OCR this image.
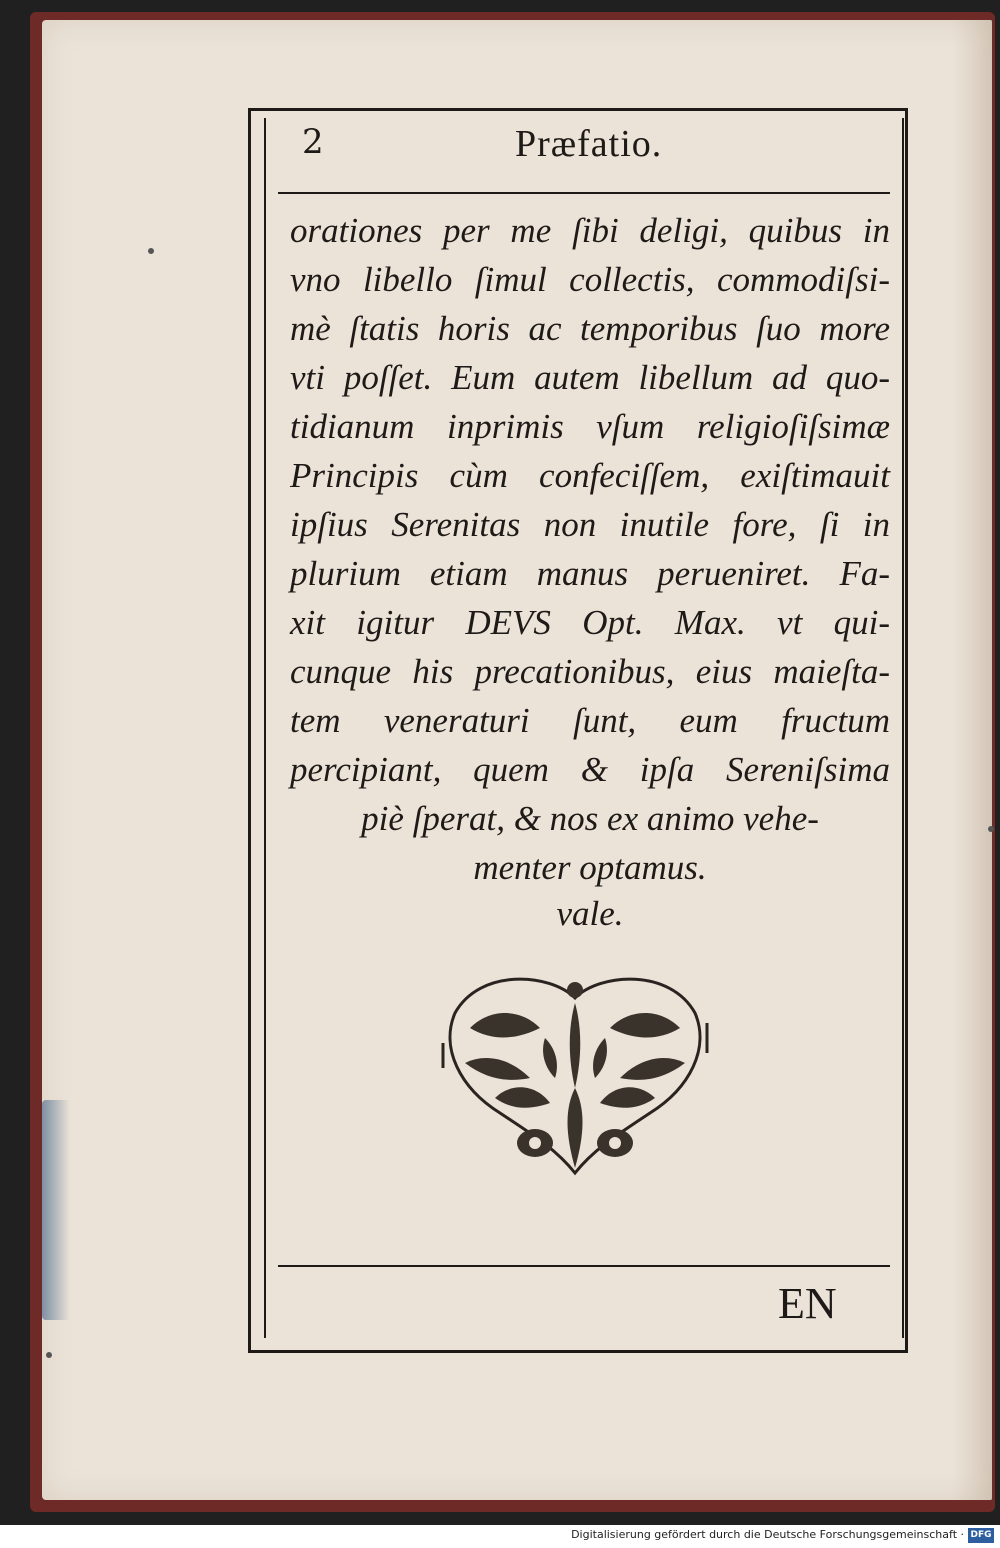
2	Præfatio.
orationes per me ſibi deligi, quibus in
vno libello ſimul collectis, commodiſsi-
mè ſtatis horis ac temporibus ſuo more
vti poſſet. Eum autem libellum ad quo-
tidianum inprimis vſum religioſiſsimæ
Principis cùm confeciſſem, exiſtimauit
ipſius Serenitas non inutile fore, ſi in
plurium etiam manus perueniret. Fa-
xit igitur DEVS Opt. Max. vt qui-
cunque his precationibus, eius maieſta-
tem veneraturi ſunt, eum fructum
percipiant, quem & ipſa Sereniſsima
piè ſperat, & nos ex animo vehe-
menter optamus.
vale.
EN
Digitalisierung gefördert durch die Deutsche Forschungsgemeinschaft · DFG
